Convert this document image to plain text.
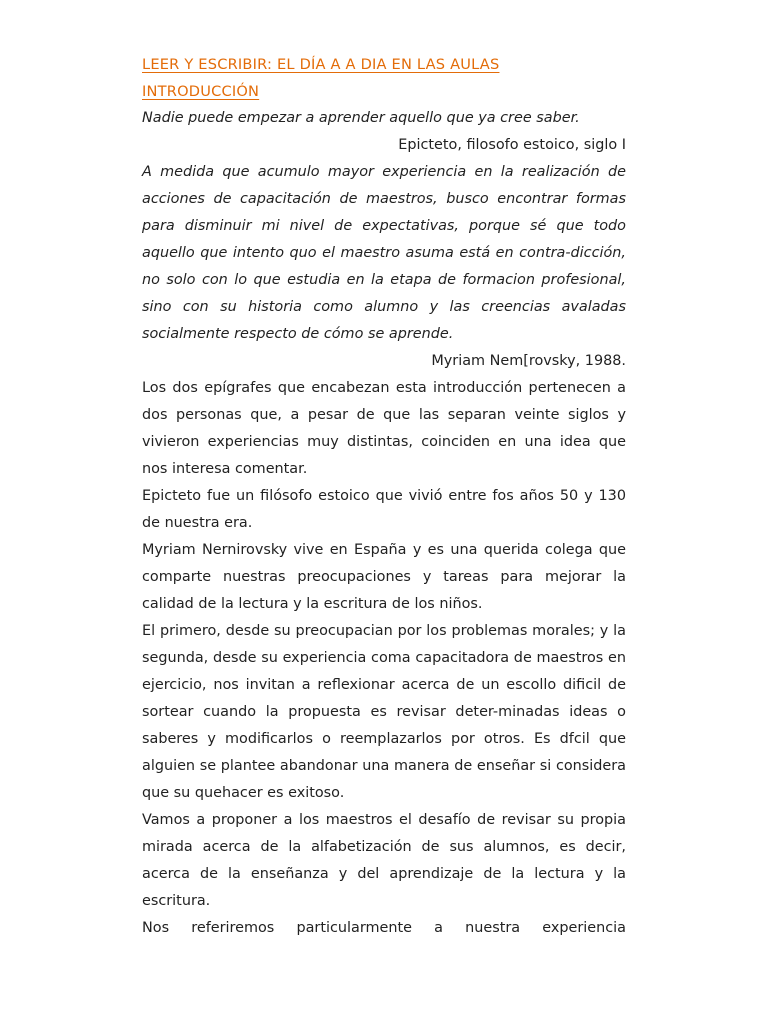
LEER Y ESCRIBIR: EL DÍA A A DIA EN LAS AULAS

INTRODUCCIÓN

Nadie puede empezar a aprender aquello que ya cree saber.

Epicteto, filosofo estoico, siglo I

A medida que acumulo mayor experiencia en la realización de acciones de capacitación de maestros, busco encontrar formas para disminuir mi nivel de expectativas, porque sé que todo aquello que intento quo el maestro asuma está en contra-dicción, no solo con lo que estudia en la etapa de formacion profesional, sino con su historia como alumno y las creencias avaladas socialmente respecto de cómo se aprende.

Myriam Nem[rovsky, 1988.

Los dos epígrafes que encabezan esta introducción pertenecen a dos personas que, a pesar de que las separan veinte siglos y vivieron experiencias muy distintas, coinciden en una idea que nos interesa comentar.

Epicteto fue un filósofo estoico que vivió entre fos años 50 y 130 de nuestra era.

Myriam Nernirovsky vive en España y es una querida colega que comparte nuestras preocupaciones y tareas para mejorar la calidad de la lectura y la escritura de los niños.

El primero, desde su preocupacian por los problemas morales; y la segunda, desde su experiencia coma capacitadora de maestros en ejercicio, nos invitan a reflexionar acerca de un escollo dificil de sortear cuando la propuesta es revisar deter-minadas ideas o saberes y modificarlos o reemplazarlos por otros. Es dfcil que alguien se plantee abandonar una manera de enseñar si considera que su quehacer es exitoso.

Vamos a proponer a los maestros el desafío de revisar su propia mirada acerca de la alfabetización de sus alumnos, es decir, acerca de la enseñanza y del aprendizaje de la lectura y la escritura.

Nos referiremos particularmente a nuestra experiencia
